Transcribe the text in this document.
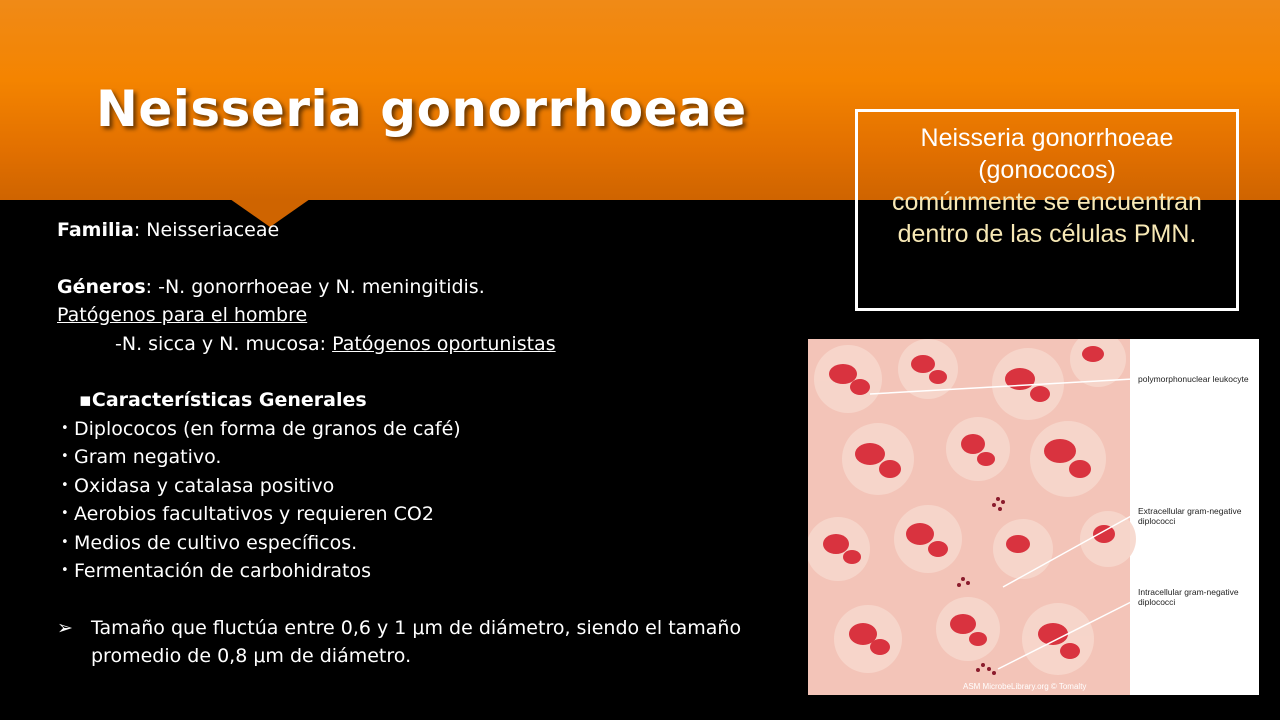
Neisseria gonorrhoeae	Neisseria gonorrhoeae (gonococos)
comúnmente se encuentran dentro de las células PMN.

Familia: Neisseriaceae

Géneros: -N. gonorrhoeae y N. meningitidis.

Patógenos para el hombre

-N. sicca y N. mucosa: Patógenos oportunistas

▪Características Generales

• Diplococos (en forma de granos de café)

• Gram negativo.

• Oxidasa y catalasa positivo

• Aerobios facultativos y requieren CO2

• Medios de cultivo específicos.

• Fermentación de carbohidratos

➢ Tamaño que fluctúa entre 0,6 y 1 μm de diámetro, siendo el tamaño promedio de 0,8 μm de diámetro.

polymorphonuclear leukocyte
Extracellular gram-negative diplococci
Intracellular gram-negative diplococci
ASM MicrobeLibrary.org © Tomalty
